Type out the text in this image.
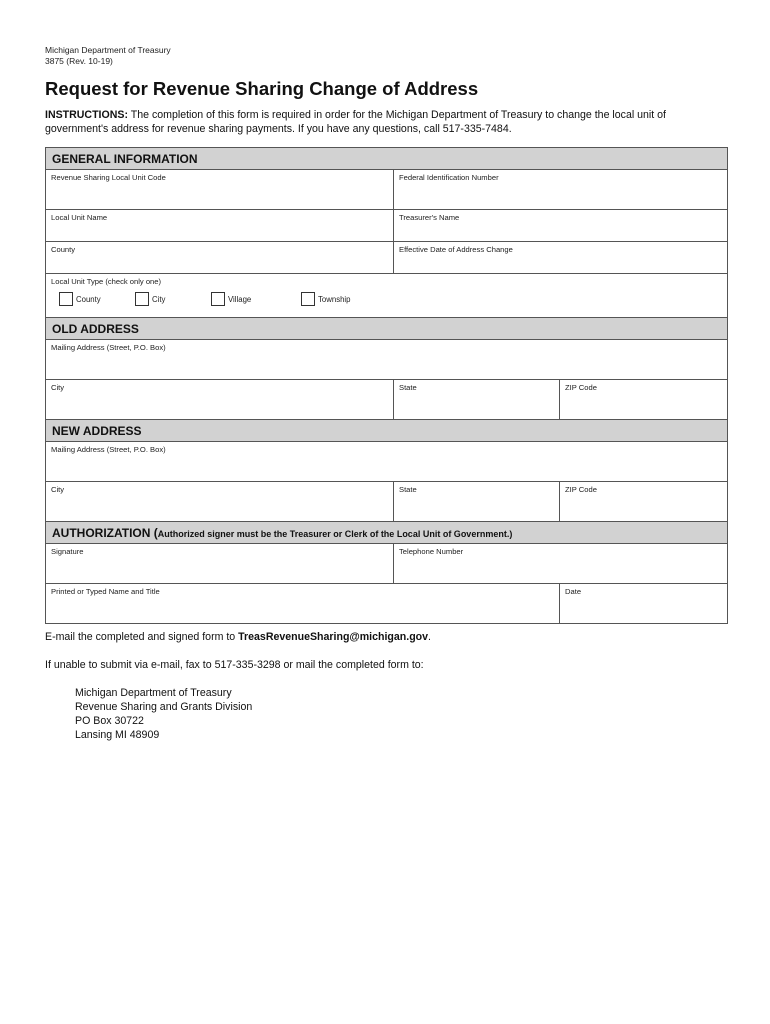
Michigan Department of Treasury
3875 (Rev. 10-19)
Request for Revenue Sharing Change of Address

INSTRUCTIONS: The completion of this form is required in order for the Michigan Department of Treasury to change the local unit of government's address for revenue sharing payments. If you have any questions, call 517-335-7484.

GENERAL INFORMATION
Revenue Sharing Local Unit Code	Federal Identification Number
Local Unit Name	Treasurer's Name
County	Effective Date of Address Change
Local Unit Type (check only one)
County	City	Village	Township
OLD ADDRESS
Mailing Address (Street, P.O. Box)
City	State	ZIP Code
NEW ADDRESS
Mailing Address (Street, P.O. Box)
City	State	ZIP Code
AUTHORIZATION (Authorized signer must be the Treasurer or Clerk of the Local Unit of Government.)
Signature	Telephone Number
Printed or Typed Name and Title	Date

E-mail the completed and signed form to TreasRevenueSharing@michigan.gov.

If unable to submit via e-mail, fax to 517-335-3298 or mail the completed form to:

Michigan Department of Treasury
Revenue Sharing and Grants Division
PO Box 30722
Lansing MI 48909
